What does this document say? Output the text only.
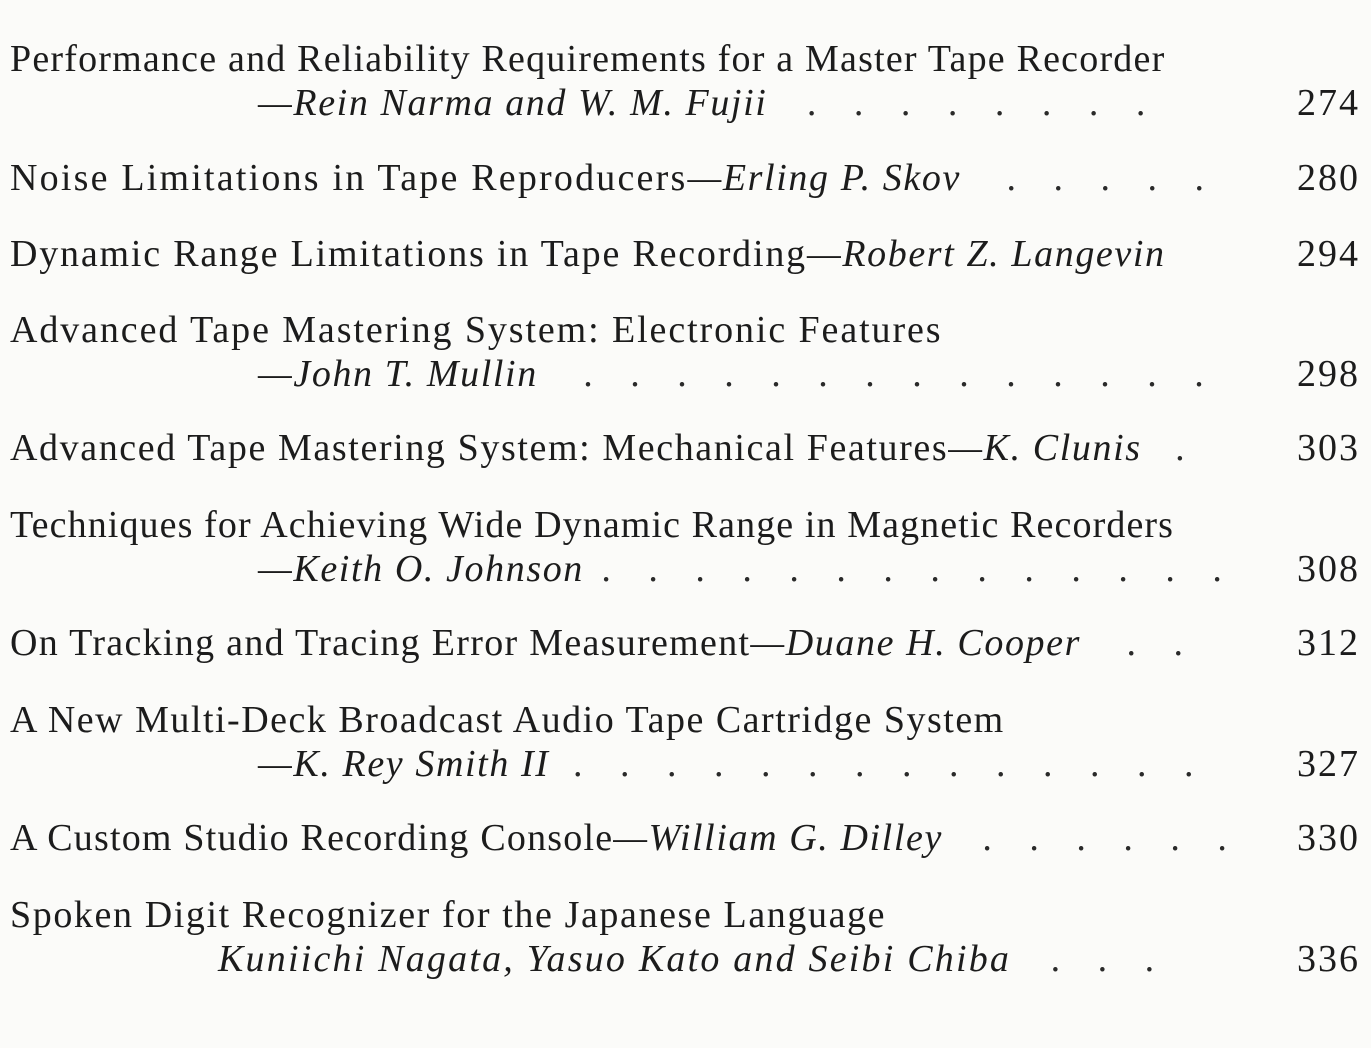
Performance and Reliability Requirements for a Master Tape Recorder
—Rein Narma and W. M. Fujii . . . . . . . .	274
Noise Limitations in Tape Reproducers—Erling P. Skov . . . . . 280
Dynamic Range Limitations in Tape Recording—Robert Z. Langevin	294
Advanced Tape Mastering System: Electronic Features
—John T. Mullin . . . . . . . . . . . . . . 298
Advanced Tape Mastering System: Mechanical Features—K. Clunis .	303
Techniques for Achieving Wide Dynamic Range in Magnetic Recorders
—Keith O. Johnson . . . . . . . . . . . . . . 308
On Tracking and Tracing Error Measurement—Duane H. Cooper . .	312
A New Multi-Deck Broadcast Audio Tape Cartridge System
—K. Rey Smith II . . . . . . . . . . . . . . 327
A Custom Studio Recording Console—William G. Dilley . . . . . . 330
Spoken Digit Recognizer for the Japanese Language
Kuniichi Nagata, Yasuo Kato and Seibi Chiba . . .	336
